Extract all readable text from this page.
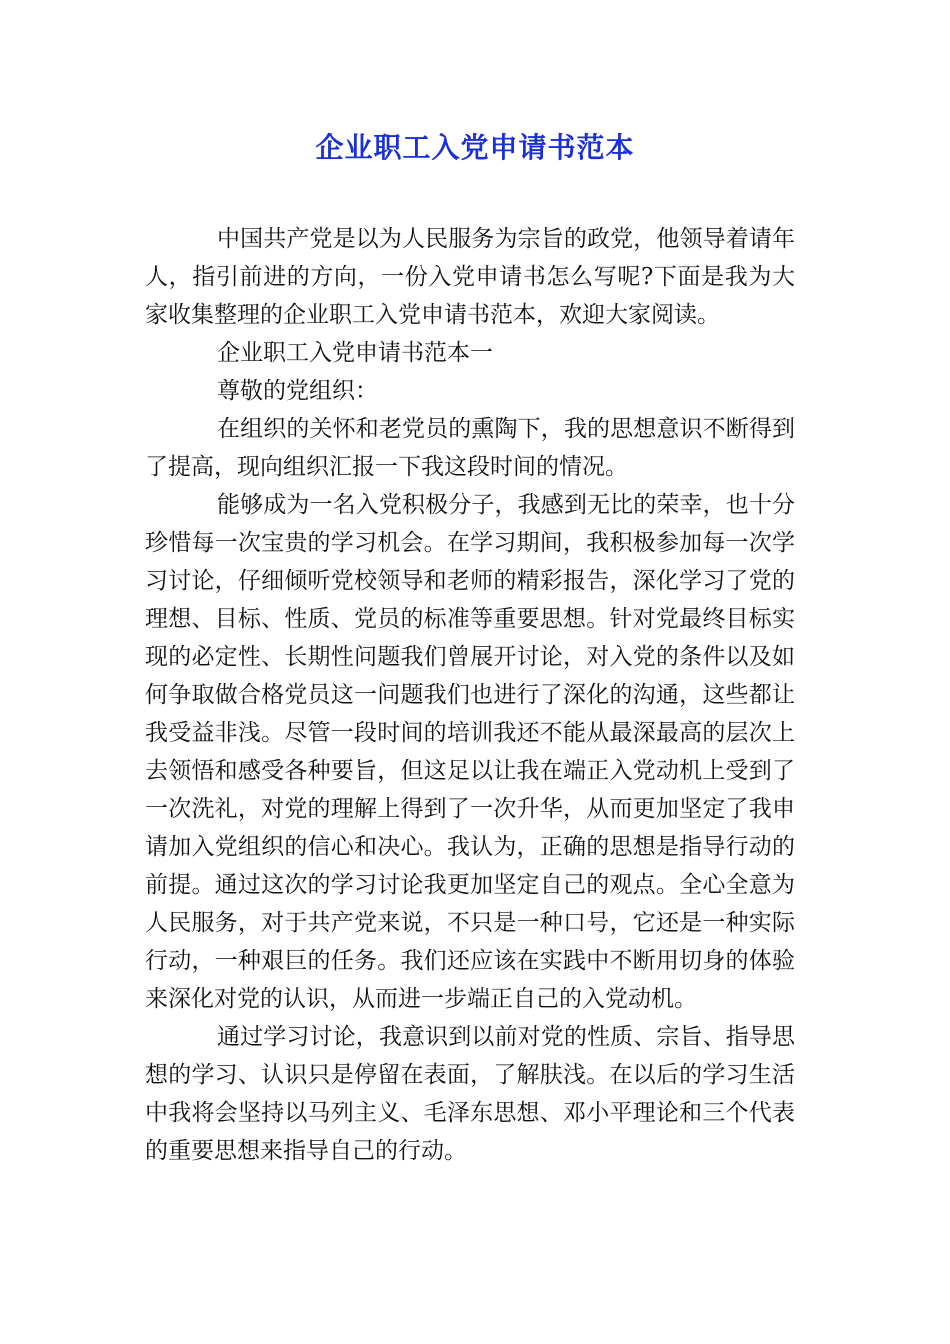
企业职工入党申请书范本

中国共产党是以为人民服务为宗旨的政党，他领导着请年人，指引前进的方向，一份入党申请书怎么写呢?下面是我为大家收集整理的企业职工入党申请书范本，欢迎大家阅读。

企业职工入党申请书范本一

尊敬的党组织：

在组织的关怀和老党员的熏陶下，我的思想意识不断得到了提高，现向组织汇报一下我这段时间的情况。

能够成为一名入党积极分子，我感到无比的荣幸，也十分珍惜每一次宝贵的学习机会。在学习期间，我积极参加每一次学习讨论，仔细倾听党校领导和老师的精彩报告，深化学习了党的理想、目标、性质、党员的标准等重要思想。针对党最终目标实现的必定性、长期性问题我们曾展开讨论，对入党的条件以及如何争取做合格党员这一问题我们也进行了深化的沟通，这些都让我受益非浅。尽管一段时间的培训我还不能从最深最高的层次上去领悟和感受各种要旨，但这足以让我在端正入党动机上受到了一次洗礼，对党的理解上得到了一次升华，从而更加坚定了我申请加入党组织的信心和决心。我认为，正确的思想是指导行动的前提。通过这次的学习讨论我更加坚定自己的观点。全心全意为人民服务，对于共产党来说，不只是一种口号，它还是一种实际行动，一种艰巨的任务。我们还应该在实践中不断用切身的体验来深化对党的认识，从而进一步端正自己的入党动机。

通过学习讨论，我意识到以前对党的性质、宗旨、指导思想的学习、认识只是停留在表面，了解肤浅。在以后的学习生活中我将会坚持以马列主义、毛泽东思想、邓小平理论和三个代表的重要思想来指导自己的行动。
